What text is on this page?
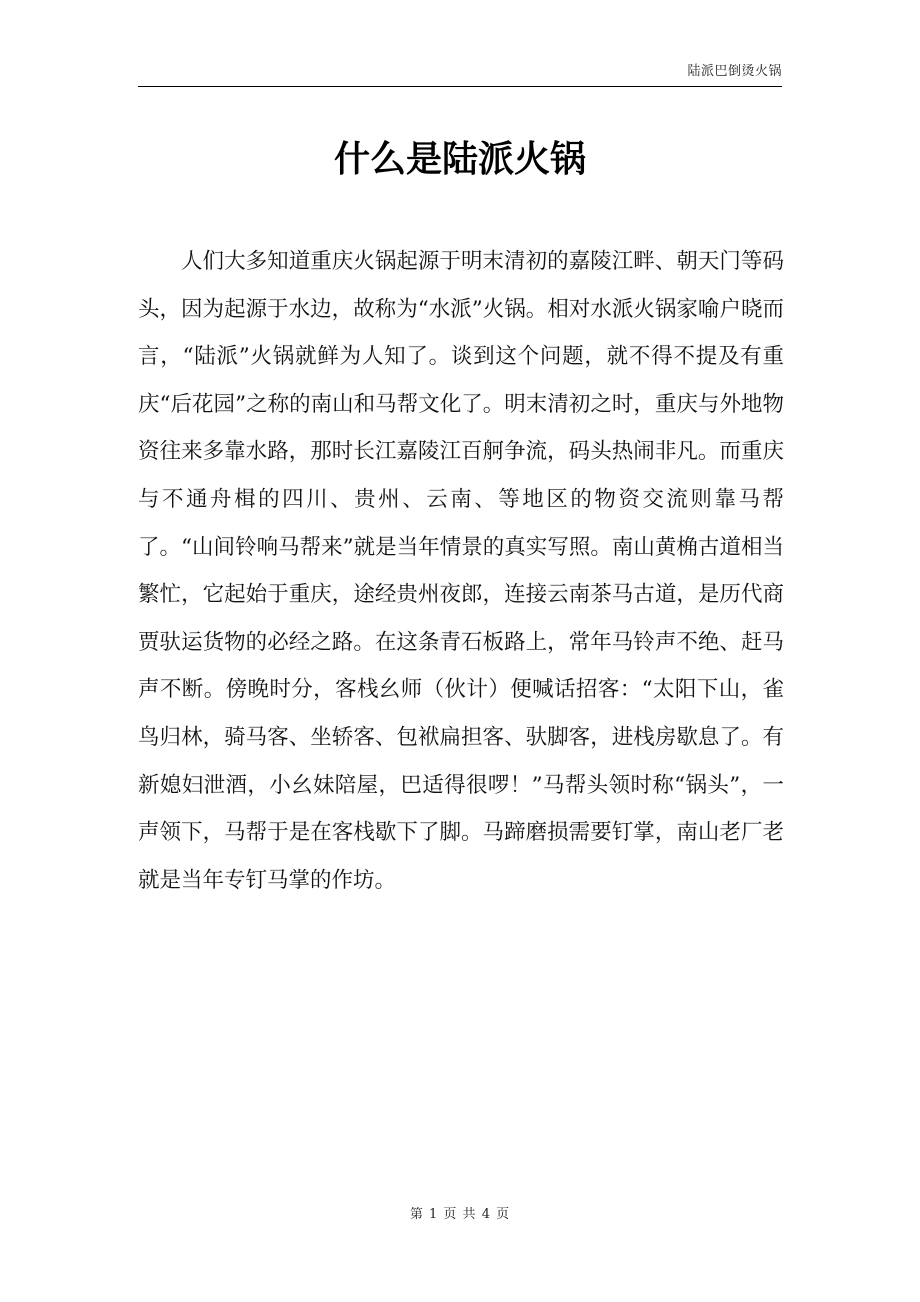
陆派巴倒烫火锅
什么是陆派火锅

人们大多知道重庆火锅起源于明末清初的嘉陵江畔、朝天门等码头，因为起源于水边，故称为“水派”火锅。相对水派火锅家喻户晓而言，“陆派”火锅就鲜为人知了。谈到这个问题，就不得不提及有重庆“后花园”之称的南山和马帮文化了。明末清初之时，重庆与外地物资往来多靠水路，那时长江嘉陵江百舸争流，码头热闹非凡。而重庆与不通舟楫的四川、贵州、云南、等地区的物资交流则靠马帮了。“山间铃响马帮来”就是当年情景的真实写照。南山黄桷古道相当繁忙，它起始于重庆，途经贵州夜郎，连接云南茶马古道，是历代商贾驮运货物的必经之路。在这条青石板路上，常年马铃声不绝、赶马声不断。傍晚时分，客栈幺师（伙计）便喊话招客：“太阳下山，雀鸟归林，骑马客、坐轿客、包袱扁担客、驮脚客，进栈房歇息了。有新媳妇泄酒，小幺妹陪屋，巴适得很啰！”马帮头领时称“锅头”，一声领下，马帮于是在客栈歇下了脚。马蹄磨损需要钉掌，南山老厂老就是当年专钉马掌的作坊。

第 1 页 共 4 页
